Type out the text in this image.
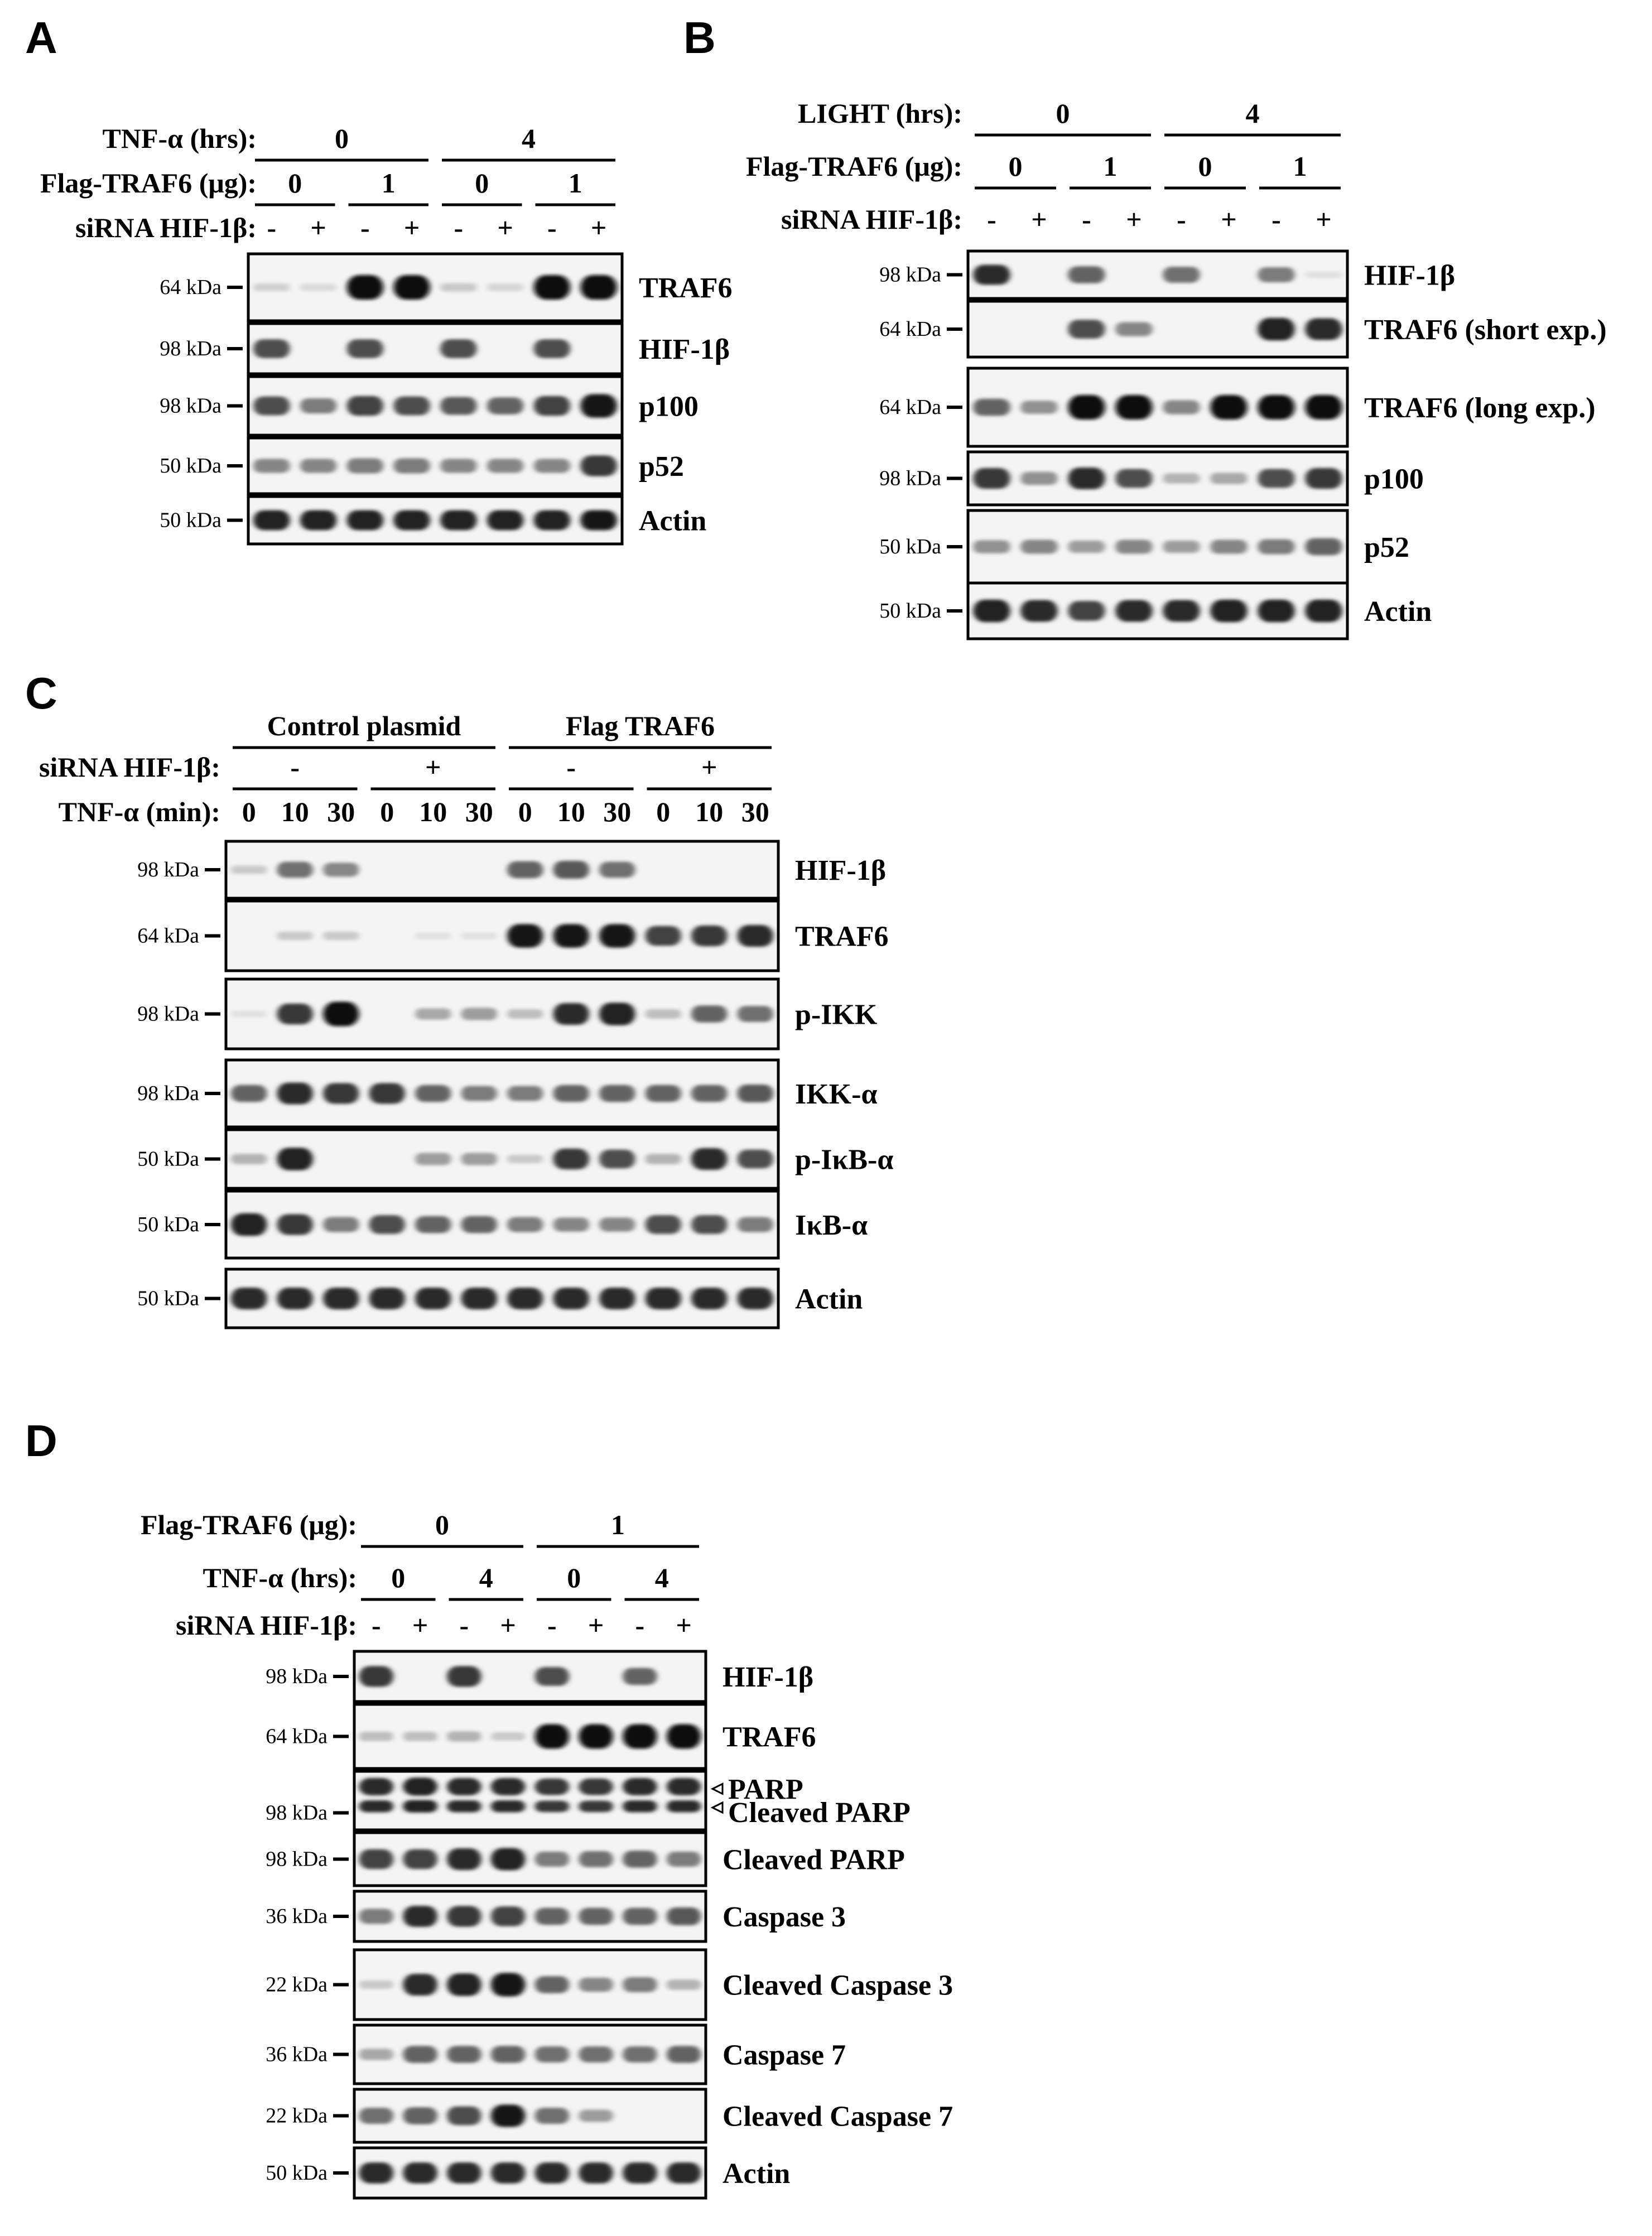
A
TNF-α (hrs):	0	4
Flag-TRAF6 (μg): 0	1	0	1
siRNA HIF-1β: - + - + - + - +
64 kDa	TRAF6
98 kDa	HIF-1β
98 kDa	p100
50 kDa	p52
50 kDa	Actin
B
LIGHT (hrs):	0	4
Flag-TRAF6 (μg): 0	1	0	1
siRNA HIF-1β: - + - + - + - +
98 kDa	HIF-1β
64 kDa	TRAF6 (short exp.)
64 kDa	TRAF6 (long exp.)
98 kDa	p100
50 kDa	p52
50 kDa	Actin
C
Control plasmid	Flag TRAF6
siRNA HIF-1β:	-	+	-	+
TNF-α (min): 0 10 30 0 10 30 0 10 30 0 10 30
98 kDa	HIF-1β
64 kDa	TRAF6
98 kDa	p-IKK
98 kDa	IKK-α
50 kDa	p-IκB-α
50 kDa	IκB-α
50 kDa	Actin
D
Flag-TRAF6 (μg):	0	1
TNF-α (hrs): 0	4	0	4
siRNA HIF-1β: - + - + - + - +
98 kDa	HIF-1β
64 kDa	TRAF6
98 kDa
PARP
Cleaved PARP
98 kDa	Cleaved PARP
36 kDa	Caspase 3
22 kDa	Cleaved Caspase 3
36 kDa	Caspase 7
22 kDa	Cleaved Caspase 7
50 kDa	Actin
